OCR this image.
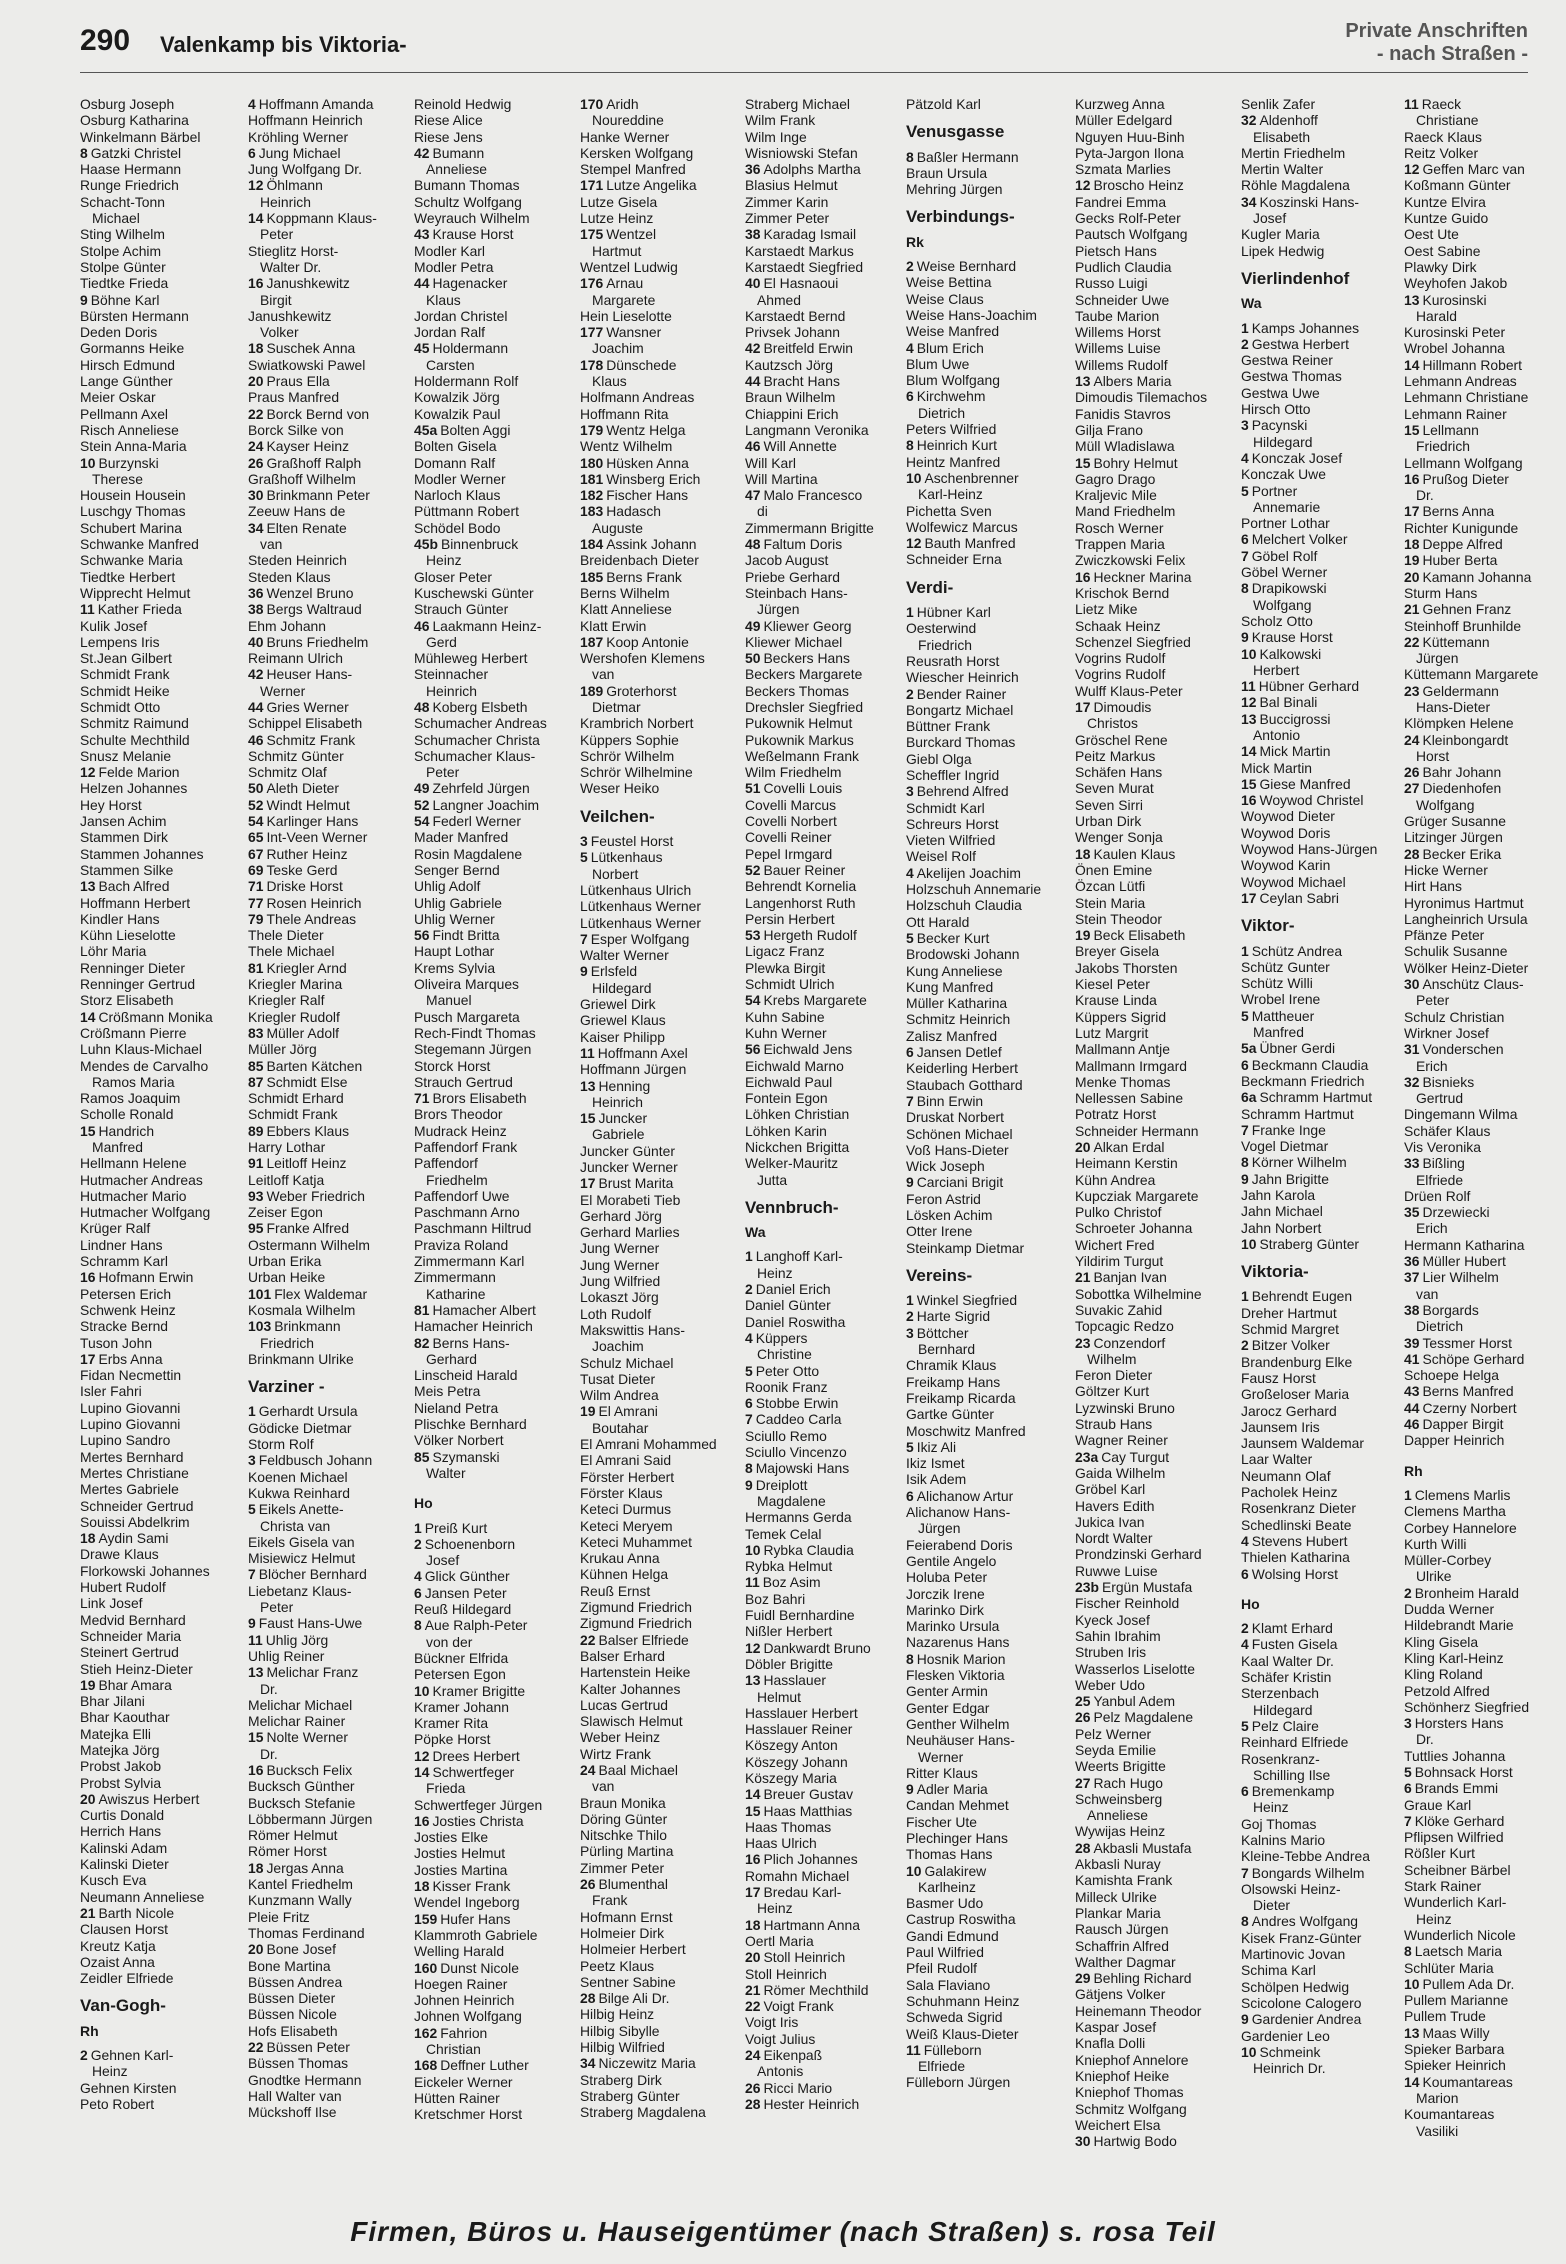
290 Valenkamp bis Viktoria-
Private Anschriften
- nach Straßen -
Osburg Joseph
Osburg Katharina
Winkelmann Bärbel
8 Gatzki Christel
Haase Hermann
Runge Friedrich
Schacht-Tonn
Michael
Sting Wilhelm
Stolpe Achim
Stolpe Günter
Tiedtke Frieda
9 Böhne Karl
Bürsten Hermann
Deden Doris
Gormanns Heike
Hirsch Edmund
Lange Günther
Meier Oskar
Pellmann Axel
Risch Anneliese
Stein Anna-Maria
10 Burzynski
Therese
Housein Housein
Luschgy Thomas
Schubert Marina
Schwanke Manfred
Schwanke Maria
Tiedtke Herbert
Wipprecht Helmut
11 Kather Frieda
Kulik Josef
Lempens Iris
St.Jean Gilbert
Schmidt Frank
Schmidt Heike
Schmidt Otto
Schmitz Raimund
Schulte Mechthild
Snusz Melanie
12 Felde Marion
Helzen Johannes
Hey Horst
Jansen Achim
Stammen Dirk
Stammen Johannes
Stammen Silke
13 Bach Alfred
Hoffmann Herbert
Kindler Hans
Kühn Lieselotte
Löhr Maria
Renninger Dieter
Renninger Gertrud
Storz Elisabeth
14 Crößmann Monika
Crößmann Pierre
Luhn Klaus-Michael
Mendes de Carvalho
Ramos Maria
Ramos Joaquim
Scholle Ronald
15 Handrich
Manfred
Hellmann Helene
Hutmacher Andreas
Hutmacher Mario
Hutmacher Wolfgang
Krüger Ralf
Lindner Hans
Schramm Karl
16 Hofmann Erwin
Petersen Erich
Schwenk Heinz
Stracke Bernd
Tuson John
17 Erbs Anna
Fidan Necmettin
Isler Fahri
Lupino Giovanni
Lupino Giovanni
Lupino Sandro
Mertes Bernhard
Mertes Christiane
Mertes Gabriele
Schneider Gertrud
Souissi Abdelkrim
18 Aydin Sami
Drawe Klaus
Florkowski Johannes
Hubert Rudolf
Link Josef
Medvid Bernhard
Schneider Maria
Steinert Gertrud
Stieh Heinz-Dieter
19 Bhar Amara
Bhar Jilani
Bhar Kaouthar
Matejka Elli
Matejka Jörg
Probst Jakob
Probst Sylvia
20 Awiszus Herbert
Curtis Donald
Herrich Hans
Kalinski Adam
Kalinski Dieter
Kusch Eva
Neumann Anneliese
21 Barth Nicole
Clausen Horst
Kreutz Katja
Ozaist Anna
Zeidler Elfriede
Van-Gogh-
Rh
2 Gehnen Karl-
Heinz
Gehnen Kirsten
Peto Robert
4 Hoffmann Amanda
Hoffmann Heinrich
Kröhling Werner
6 Jung Michael
Jung Wolfgang Dr.
12 Öhlmann
Heinrich
14 Koppmann Klaus-
Peter
Stieglitz Horst-
Walter Dr.
16 Janushkewitz
Birgit
Janushkewitz
Volker
18 Suschek Anna
Swiatkowski Pawel
20 Praus Ella
Praus Manfred
22 Borck Bernd von
Borck Silke von
24 Kayser Heinz
26 Graßhoff Ralph
Graßhoff Wilhelm
30 Brinkmann Peter
Zeeuw Hans de
34 Elten Renate
van
Steden Heinrich
Steden Klaus
36 Wenzel Bruno
38 Bergs Waltraud
Ehm Johann
40 Bruns Friedhelm
Reimann Ulrich
42 Heuser Hans-
Werner
44 Gries Werner
Schippel Elisabeth
46 Schmitz Frank
Schmitz Günter
Schmitz Olaf
50 Aleth Dieter
52 Windt Helmut
54 Karlinger Hans
65 Int-Veen Werner
67 Ruther Heinz
69 Teske Gerd
71 Driske Horst
77 Rosen Heinrich
79 Thele Andreas
Thele Dieter
Thele Michael
81 Kriegler Arnd
Kriegler Marina
Kriegler Ralf
Kriegler Rudolf
83 Müller Adolf
Müller Jörg
85 Barten Kätchen
87 Schmidt Else
Schmidt Erhard
Schmidt Frank
89 Ebbers Klaus
Harry Lothar
91 Leitloff Heinz
Leitloff Katja
93 Weber Friedrich
Zeiser Egon
95 Franke Alfred
Ostermann Wilhelm
Urban Erika
Urban Heike
101 Flex Waldemar
Kosmala Wilhelm
103 Brinkmann
Friedrich
Brinkmann Ulrike
Varziner -
1 Gerhardt Ursula
Gödicke Dietmar
Storm Rolf
3 Feldbusch Johann
Koenen Michael
Kukwa Reinhard
5 Eikels Anette-
Christa van
Eikels Gisela van
Misiewicz Helmut
7 Blöcher Bernhard
Liebetanz Klaus-
Peter
9 Faust Hans-Uwe
11 Uhlig Jörg
Uhlig Reiner
13 Melichar Franz
Dr.
Melichar Michael
Melichar Rainer
15 Nolte Werner
Dr.
16 Bucksch Felix
Bucksch Günther
Bucksch Stefanie
Löbbermann Jürgen
Römer Helmut
Römer Horst
18 Jergas Anna
Kantel Friedhelm
Kunzmann Wally
Pleie Fritz
Thomas Ferdinand
20 Bone Josef
Bone Martina
Büssen Andrea
Büssen Dieter
Büssen Nicole
Hofs Elisabeth
22 Büssen Peter
Büssen Thomas
Gnodtke Hermann
Hall Walter van
Mückshoff Ilse
Reinold Hedwig
Riese Alice
Riese Jens
42 Bumann
Anneliese
Bumann Thomas
Schultz Wolfgang
Weyrauch Wilhelm
43 Krause Horst
Modler Karl
Modler Petra
44 Hagenacker
Klaus
Jordan Christel
Jordan Ralf
45 Holdermann
Carsten
Holdermann Rolf
Kowalzik Jörg
Kowalzik Paul
45a Bolten Aggi
Bolten Gisela
Domann Ralf
Modler Werner
Narloch Klaus
Püttmann Robert
Schödel Bodo
45b Binnenbruck
Heinz
Gloser Peter
Kuschewski Günter
Strauch Günter
46 Laakmann Heinz-
Gerd
Mühleweg Herbert
Steinnacher
Heinrich
48 Koberg Elsbeth
Schumacher Andreas
Schumacher Christa
Schumacher Klaus-
Peter
49 Zehrfeld Jürgen
52 Langner Joachim
54 Federl Werner
Mader Manfred
Rosin Magdalene
Senger Bernd
Uhlig Adolf
Uhlig Gabriele
Uhlig Werner
56 Findt Britta
Haupt Lothar
Krems Sylvia
Oliveira Marques
Manuel
Pusch Margareta
Rech-Findt Thomas
Stegemann Jürgen
Storck Horst
Strauch Gertrud
71 Brors Elisabeth
Brors Theodor
Mudrack Heinz
Paffendorf Frank
Paffendorf
Friedhelm
Paffendorf Uwe
Paschmann Arno
Paschmann Hiltrud
Praviza Roland
Zimmermann Karl
Zimmermann
Katharine
81 Hamacher Albert
Hamacher Heinrich
82 Berns Hans-
Gerhard
Linscheid Harald
Meis Petra
Nieland Petra
Plischke Bernhard
Völker Norbert
85 Szymanski
Walter
Ho
1 Preiß Kurt
2 Schoenenborn
Josef
4 Glick Günther
6 Jansen Peter
Reuß Hildegard
8 Aue Ralph-Peter
von der
Bückner Elfrida
Petersen Egon
10 Kramer Brigitte
Kramer Johann
Kramer Rita
Pöpke Horst
12 Drees Herbert
14 Schwertfeger
Frieda
Schwertfeger Jürgen
16 Josties Christa
Josties Elke
Josties Helmut
Josties Martina
18 Kisser Frank
Wendel Ingeborg
159 Hufer Hans
Klammroth Gabriele
Welling Harald
160 Dunst Nicole
Hoegen Rainer
Johnen Heinrich
Johnen Wolfgang
162 Fahrion
Christian
168 Deffner Luther
Eickeler Werner
Hütten Rainer
Kretschmer Horst
170 Aridh
Noureddine
Hanke Werner
Kersken Wolfgang
Stempel Manfred
171 Lutze Angelika
Lutze Gisela
Lutze Heinz
175 Wentzel
Hartmut
Wentzel Ludwig
176 Arnau
Margarete
Hein Lieselotte
177 Wansner
Joachim
178 Dünschede
Klaus
Holfmann Andreas
Hoffmann Rita
179 Wentz Helga
Wentz Wilhelm
180 Hüsken Anna
181 Winsberg Erich
182 Fischer Hans
183 Hadasch
Auguste
184 Assink Johann
Breidenbach Dieter
185 Berns Frank
Berns Wilhelm
Klatt Anneliese
Klatt Erwin
187 Koop Antonie
Wershofen Klemens
van
189 Groterhorst
Dietmar
Krambrich Norbert
Küppers Sophie
Schrör Wilhelm
Schrör Wilhelmine
Weser Heiko
Veilchen-
3 Feustel Horst
5 Lütkenhaus
Norbert
Lütkenhaus Ulrich
Lütkenhaus Werner
Lütkenhaus Werner
7 Esper Wolfgang
Walter Werner
9 Erlsfeld
Hildegard
Griewel Dirk
Griewel Klaus
Kaiser Philipp
11 Hoffmann Axel
Hoffmann Jürgen
13 Henning
Heinrich
15 Juncker
Gabriele
Juncker Günter
Juncker Werner
17 Brust Marita
El Morabeti Tieb
Gerhard Jörg
Gerhard Marlies
Jung Werner
Jung Werner
Jung Wilfried
Lokaszt Jörg
Loth Rudolf
Makswittis Hans-
Joachim
Schulz Michael
Tusat Dieter
Wilm Andrea
19 El Amrani
Boutahar
El Amrani Mohammed
El Amrani Said
Förster Herbert
Förster Klaus
Keteci Durmus
Keteci Meryem
Keteci Muhammet
Krukau Anna
Kühnen Helga
Reuß Ernst
Zigmund Friedrich
Zigmund Friedrich
22 Balser Elfriede
Balser Erhard
Hartenstein Heike
Kalter Johannes
Lucas Gertrud
Slawisch Helmut
Weber Heinz
Wirtz Frank
24 Baal Michael
van
Braun Monika
Döring Günter
Nitschke Thilo
Pürling Martina
Zimmer Peter
26 Blumenthal
Frank
Hofmann Ernst
Holmeier Dirk
Holmeier Herbert
Peetz Klaus
Sentner Sabine
28 Bilge Ali Dr.
Hilbig Heinz
Hilbig Sibylle
Hilbig Wilfried
34 Niczewitz Maria
Straberg Dirk
Straberg Günter
Straberg Magdalena
Straberg Michael
Wilm Frank
Wilm Inge
Wisniowski Stefan
36 Adolphs Martha
Blasius Helmut
Zimmer Karin
Zimmer Peter
38 Karadag Ismail
Karstaedt Markus
Karstaedt Siegfried
40 El Hasnaoui
Ahmed
Karstaedt Bernd
Privsek Johann
42 Breitfeld Erwin
Kautzsch Jörg
44 Bracht Hans
Braun Wilhelm
Chiappini Erich
Langmann Veronika
46 Will Annette
Will Karl
Will Martina
47 Malo Francesco
di
Zimmermann Brigitte
48 Faltum Doris
Jacob August
Priebe Gerhard
Steinbach Hans-
Jürgen
49 Kliewer Georg
Kliewer Michael
50 Beckers Hans
Beckers Margarete
Beckers Thomas
Drechsler Siegfried
Pukownik Helmut
Pukownik Markus
Weßelmann Frank
Wilm Friedhelm
51 Covelli Louis
Covelli Marcus
Covelli Norbert
Covelli Reiner
Pepel Irmgard
52 Bauer Reiner
Behrendt Kornelia
Langenhorst Ruth
Persin Herbert
53 Hergeth Rudolf
Ligacz Franz
Plewka Birgit
Schmidt Ulrich
54 Krebs Margarete
Kuhn Sabine
Kuhn Werner
56 Eichwald Jens
Eichwald Marno
Eichwald Paul
Fontein Egon
Löhken Christian
Löhken Karin
Nickchen Brigitta
Welker-Mauritz
Jutta
Vennbruch-
Wa
1 Langhoff Karl-
Heinz
2 Daniel Erich
Daniel Günter
Daniel Roswitha
4 Küppers
Christine
5 Peter Otto
Roonik Franz
6 Stobbe Erwin
7 Caddeo Carla
Sciullo Remo
Sciullo Vincenzo
8 Majowski Hans
9 Dreiplott
Magdalene
Hermanns Gerda
Temek Celal
10 Rybka Claudia
Rybka Helmut
11 Boz Asim
Boz Bahri
Fuidl Bernhardine
Nißler Herbert
12 Dankwardt Bruno
Döbler Brigitte
13 Hasslauer
Helmut
Hasslauer Herbert
Hasslauer Reiner
Köszegy Anton
Köszegy Johann
Köszegy Maria
14 Breuer Gustav
15 Haas Matthias
Haas Thomas
Haas Ulrich
16 Plich Johannes
Romahn Michael
17 Bredau Karl-
Heinz
18 Hartmann Anna
Oertl Maria
20 Stoll Heinrich
Stoll Heinrich
21 Römer Mechthild
22 Voigt Frank
Voigt Iris
Voigt Julius
24 Eikenpaß
Antonis
26 Ricci Mario
28 Hester Heinrich
Pätzold Karl
Venusgasse
8 Baßler Hermann
Braun Ursula
Mehring Jürgen
Verbindungs-
Rk
2 Weise Bernhard
Weise Bettina
Weise Claus
Weise Hans-Joachim
Weise Manfred
4 Blum Erich
Blum Uwe
Blum Wolfgang
6 Kirchwehm
Dietrich
Peters Wilfried
8 Heinrich Kurt
Heintz Manfred
10 Aschenbrenner
Karl-Heinz
Pichetta Sven
Wolfewicz Marcus
12 Bauth Manfred
Schneider Erna
Verdi-
1 Hübner Karl
Oesterwind
Friedrich
Reusrath Horst
Wiescher Heinrich
2 Bender Rainer
Bongartz Michael
Büttner Frank
Burckard Thomas
Giebl Olga
Scheffler Ingrid
3 Behrend Alfred
Schmidt Karl
Schreurs Horst
Vieten Wilfried
Weisel Rolf
4 Akelijen Joachim
Holzschuh Annemarie
Holzschuh Claudia
Ott Harald
5 Becker Kurt
Brodowski Johann
Kung Anneliese
Kung Manfred
Müller Katharina
Schmitz Heinrich
Zalisz Manfred
6 Jansen Detlef
Keiderling Herbert
Staubach Gotthard
7 Binn Erwin
Druskat Norbert
Schönen Michael
Voß Hans-Dieter
Wick Joseph
9 Carciani Brigit
Feron Astrid
Lösken Achim
Otter Irene
Steinkamp Dietmar
Vereins-
1 Winkel Siegfried
2 Harte Sigrid
3 Böttcher
Bernhard
Chramik Klaus
Freikamp Hans
Freikamp Ricarda
Gartke Günter
Moschwitz Manfred
5 Ikiz Ali
Ikiz Ismet
Isik Adem
6 Alichanow Artur
Alichanow Hans-
Jürgen
Feierabend Doris
Gentile Angelo
Holuba Peter
Jorczik Irene
Marinko Dirk
Marinko Ursula
Nazarenus Hans
8 Hosnik Marion
Flesken Viktoria
Genter Armin
Genter Edgar
Genther Wilhelm
Neuhäuser Hans-
Werner
Ritter Klaus
9 Adler Maria
Candan Mehmet
Fischer Ute
Plechinger Hans
Thomas Hans
10 Galakirew
Karlheinz
Basmer Udo
Castrup Roswitha
Gandi Edmund
Paul Wilfried
Pfeil Rudolf
Sala Flaviano
Schuhmann Heinz
Schweda Sigrid
Weiß Klaus-Dieter
11 Fülleborn
Elfriede
Fülleborn Jürgen
Kurzweg Anna
Müller Edelgard
Nguyen Huu-Binh
Pyta-Jargon Ilona
Szmata Marlies
12 Broscho Heinz
Fandrei Emma
Gecks Rolf-Peter
Pautsch Wolfgang
Pietsch Hans
Pudlich Claudia
Russo Luigi
Schneider Uwe
Taube Marion
Willems Horst
Willems Luise
Willems Rudolf
13 Albers Maria
Dimoudis Tilemachos
Fanidis Stavros
Gilja Frano
Müll Wladislawa
15 Bohry Helmut
Gagro Drago
Kraljevic Mile
Mand Friedhelm
Rosch Werner
Trappen Maria
Zwiczkowski Felix
16 Heckner Marina
Krischok Bernd
Lietz Mike
Schaak Heinz
Schenzel Siegfried
Vogrins Rudolf
Vogrins Rudolf
Wulff Klaus-Peter
17 Dimoudis
Christos
Gröschel Rene
Peitz Markus
Schäfen Hans
Seven Murat
Seven Sirri
Urban Dirk
Wenger Sonja
18 Kaulen Klaus
Önen Emine
Özcan Lütfi
Stein Maria
Stein Theodor
19 Beck Elisabeth
Breyer Gisela
Jakobs Thorsten
Kiesel Peter
Krause Linda
Küppers Sigrid
Lutz Margrit
Mallmann Antje
Mallmann Irmgard
Menke Thomas
Nellessen Sabine
Potratz Horst
Schneider Hermann
20 Alkan Erdal
Heimann Kerstin
Kühn Andrea
Kupcziak Margarete
Pulko Christof
Schroeter Johanna
Wichert Fred
Yildirim Turgut
21 Banjan Ivan
Sobottka Wilhelmine
Suvakic Zahid
Topcagic Redzo
23 Conzendorf
Wilhelm
Feron Dieter
Göltzer Kurt
Lyzwinski Bruno
Straub Hans
Wagner Reiner
23a Cay Turgut
Gaida Wilhelm
Gröbel Karl
Havers Edith
Jukica Ivan
Nordt Walter
Prondzinski Gerhard
Ruwwe Luise
23b Ergün Mustafa
Fischer Reinhold
Kyeck Josef
Sahin Ibrahim
Struben Iris
Wasserlos Liselotte
Weber Udo
25 Yanbul Adem
26 Pelz Magdalene
Pelz Werner
Seyda Emilie
Weerts Brigitte
27 Rach Hugo
Schweinsberg
Anneliese
Wywijas Heinz
28 Akbasli Mustafa
Akbasli Nuray
Kamishta Frank
Milleck Ulrike
Plankar Maria
Rausch Jürgen
Schaffrin Alfred
Walther Dagmar
29 Behling Richard
Gätjens Volker
Heinemann Theodor
Kaspar Josef
Knafla Dolli
Kniephof Annelore
Kniephof Heike
Kniephof Thomas
Schmitz Wolfgang
Weichert Elsa
30 Hartwig Bodo
Senlik Zafer
32 Aldenhoff
Elisabeth
Mertin Friedhelm
Mertin Walter
Röhle Magdalena
34 Koszinski Hans-
Josef
Kugler Maria
Lipek Hedwig
Vierlindenhof
Wa
1 Kamps Johannes
2 Gestwa Herbert
Gestwa Reiner
Gestwa Thomas
Gestwa Uwe
Hirsch Otto
3 Pacynski
Hildegard
4 Konczak Josef
Konczak Uwe
5 Portner
Annemarie
Portner Lothar
6 Melchert Volker
7 Göbel Rolf
Göbel Werner
8 Drapikowski
Wolfgang
Scholz Otto
9 Krause Horst
10 Kalkowski
Herbert
11 Hübner Gerhard
12 Bal Binali
13 Buccigrossi
Antonio
14 Mick Martin
Mick Martin
15 Giese Manfred
16 Woywod Christel
Woywod Dieter
Woywod Doris
Woywod Hans-Jürgen
Woywod Karin
Woywod Michael
17 Ceylan Sabri
Viktor-
1 Schütz Andrea
Schütz Gunter
Schütz Willi
Wrobel Irene
5 Mattheuer
Manfred
5a Übner Gerdi
6 Beckmann Claudia
Beckmann Friedrich
6a Schramm Hartmut
Schramm Hartmut
7 Franke Inge
Vogel Dietmar
8 Körner Wilhelm
9 Jahn Brigitte
Jahn Karola
Jahn Michael
Jahn Norbert
10 Straberg Günter
Viktoria-
1 Behrendt Eugen
Dreher Hartmut
Schmid Margret
2 Bitzer Volker
Brandenburg Elke
Fausz Horst
Großeloser Maria
Jarocz Gerhard
Jaunsem Iris
Jaunsem Waldemar
Laar Walter
Neumann Olaf
Pacholek Heinz
Rosenkranz Dieter
Schedlinski Beate
4 Stevens Hubert
Thielen Katharina
6 Wolsing Horst
Ho
2 Klamt Erhard
4 Fusten Gisela
Kaal Walter Dr.
Schäfer Kristin
Sterzenbach
Hildegard
5 Pelz Claire
Reinhard Elfriede
Rosenkranz-
Schilling Ilse
6 Bremenkamp
Heinz
Goj Thomas
Kalnins Mario
Kleine-Tebbe Andrea
7 Bongards Wilhelm
Olsowski Heinz-
Dieter
8 Andres Wolfgang
Kisek Franz-Günter
Martinovic Jovan
Schima Karl
Schölpen Hedwig
Scicolone Calogero
9 Gardenier Andrea
Gardenier Leo
10 Schmeink
Heinrich Dr.
11 Raeck
Christiane
Raeck Klaus
Reitz Volker
12 Geffen Marc van
Koßmann Günter
Kuntze Elvira
Kuntze Guido
Oest Ute
Oest Sabine
Plawky Dirk
Weyhofen Jakob
13 Kurosinski
Harald
Kurosinski Peter
Wrobel Johanna
14 Hillmann Robert
Lehmann Andreas
Lehmann Christiane
Lehmann Rainer
15 Lellmann
Friedrich
Lellmann Wolfgang
16 Prußog Dieter
Dr.
17 Berns Anna
Richter Kunigunde
18 Deppe Alfred
19 Huber Berta
20 Kamann Johanna
Sturm Hans
21 Gehnen Franz
Steinhoff Brunhilde
22 Küttemann
Jürgen
Küttemann Margarete
23 Geldermann
Hans-Dieter
Klömpken Helene
24 Kleinbongardt
Horst
26 Bahr Johann
27 Diedenhofen
Wolfgang
Grüger Susanne
Litzinger Jürgen
28 Becker Erika
Hicke Werner
Hirt Hans
Hyronimus Hartmut
Langheinrich Ursula
Pfänze Peter
Schulik Susanne
Wölker Heinz-Dieter
30 Anschütz Claus-
Peter
Schulz Christian
Wirkner Josef
31 Vonderschen
Erich
32 Bisnieks
Gertrud
Dingemann Wilma
Schäfer Klaus
Vis Veronika
33 Bißling
Elfriede
Drüen Rolf
35 Drzewiecki
Erich
Hermann Katharina
36 Müller Hubert
37 Lier Wilhelm
van
38 Borgards
Dietrich
39 Tessmer Horst
41 Schöpe Gerhard
Schoepe Helga
43 Berns Manfred
44 Czerny Norbert
46 Dapper Birgit
Dapper Heinrich
Rh
1 Clemens Marlis
Clemens Martha
Corbey Hannelore
Kurth Willi
Müller-Corbey
Ulrike
2 Bronheim Harald
Dudda Werner
Hildebrandt Marie
Kling Gisela
Kling Karl-Heinz
Kling Roland
Petzold Alfred
Schönherz Siegfried
3 Horsters Hans
Dr.
Tuttlies Johanna
5 Bohnsack Horst
6 Brands Emmi
Graue Karl
7 Klöke Gerhard
Pflipsen Wilfried
Rößler Kurt
Scheibner Bärbel
Stark Rainer
Wunderlich Karl-
Heinz
Wunderlich Nicole
8 Laetsch Maria
Schlüter Maria
10 Pullem Ada Dr.
Pullem Marianne
Pullem Trude
13 Maas Willy
Spieker Barbara
Spieker Heinrich
14 Koumantareas
Marion
Koumantareas
Vasiliki
Firmen, Büros u. Hauseigentümer (nach Straßen) s. rosa Teil
